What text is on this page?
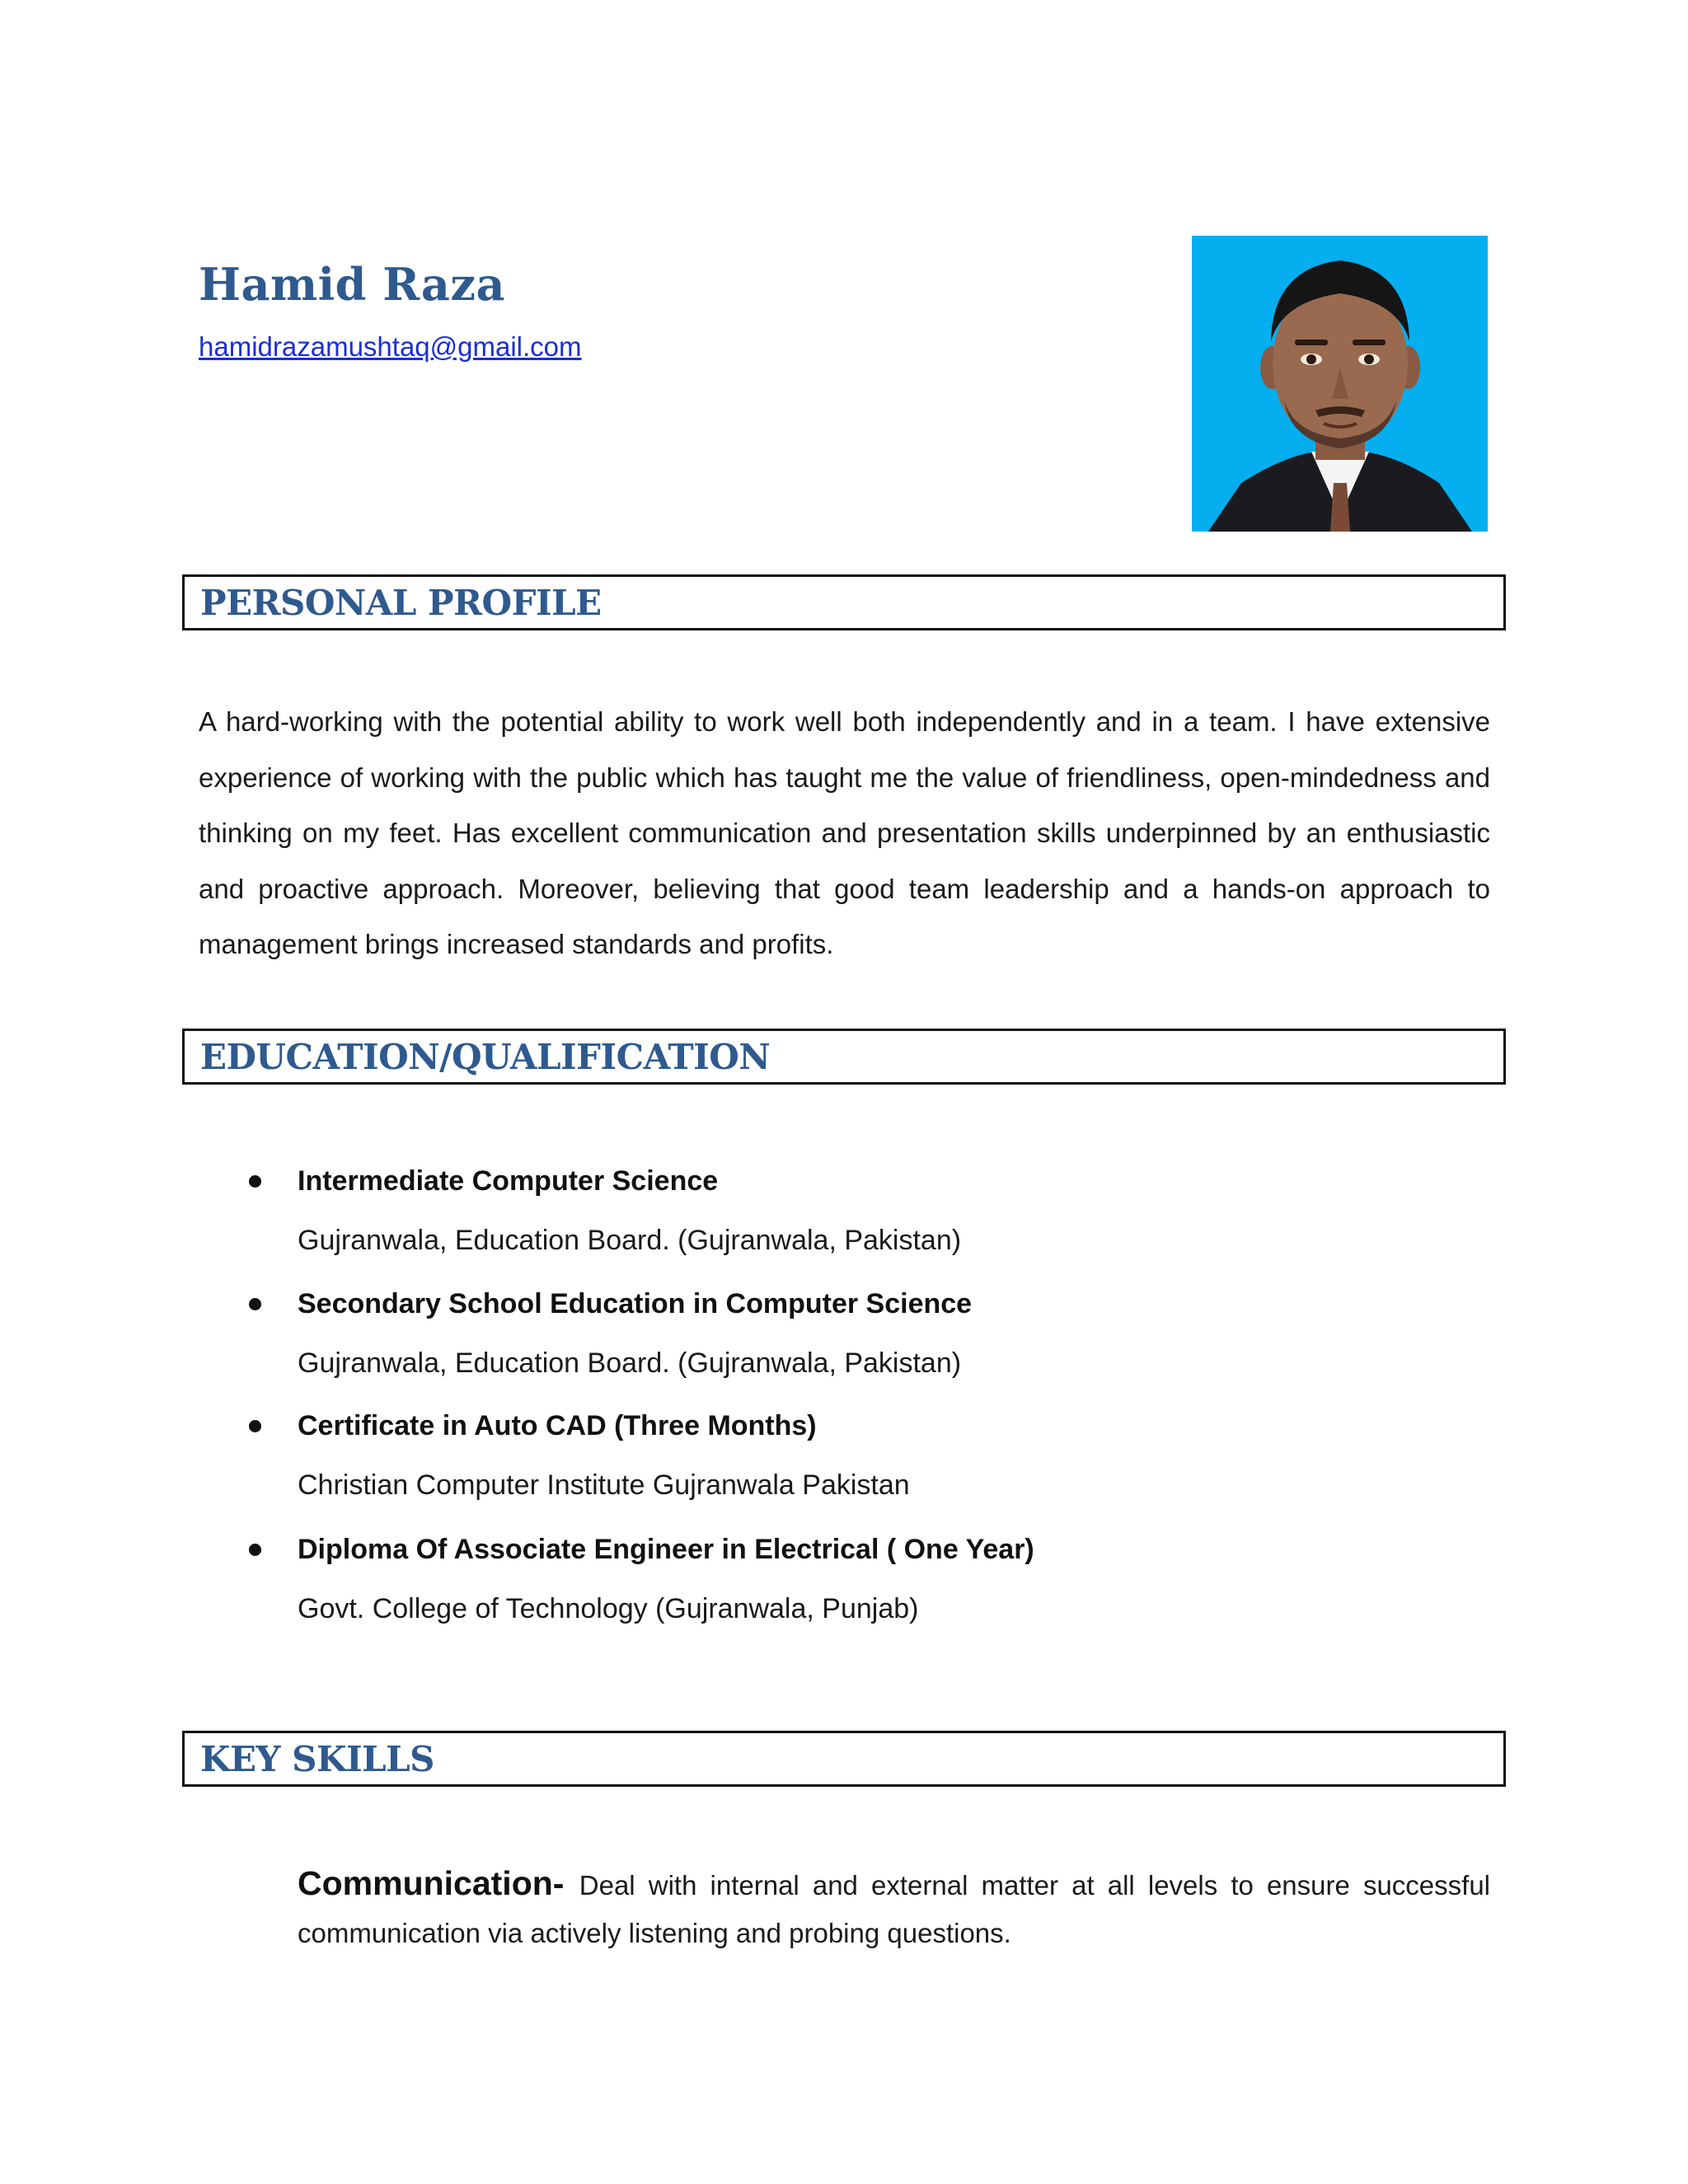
Hamid Raza
hamidrazamushtaq@gmail.com
PERSONAL PROFILE
A hard-working with the potential ability to work well both independently and in a team. I have extensive experience of working with the public which has taught me the value of friendliness, open-mindedness and thinking on my feet. Has excellent communication and presentation skills underpinned by an enthusiastic and proactive approach. Moreover, believing that good team leadership and a hands-on approach to management brings increased standards and profits.
EDUCATION/QUALIFICATION
Intermediate Computer Science
Gujranwala, Education Board. (Gujranwala, Pakistan)
Secondary School Education in Computer Science
Gujranwala, Education Board. (Gujranwala, Pakistan)
Certificate in Auto CAD (Three Months)
Christian Computer Institute Gujranwala Pakistan
Diploma Of Associate Engineer in Electrical ( One Year)
Govt. College of Technology (Gujranwala, Punjab)
KEY SKILLS
Communication- Deal with internal and external matter at all levels to ensure successful communication via actively listening and probing questions.
